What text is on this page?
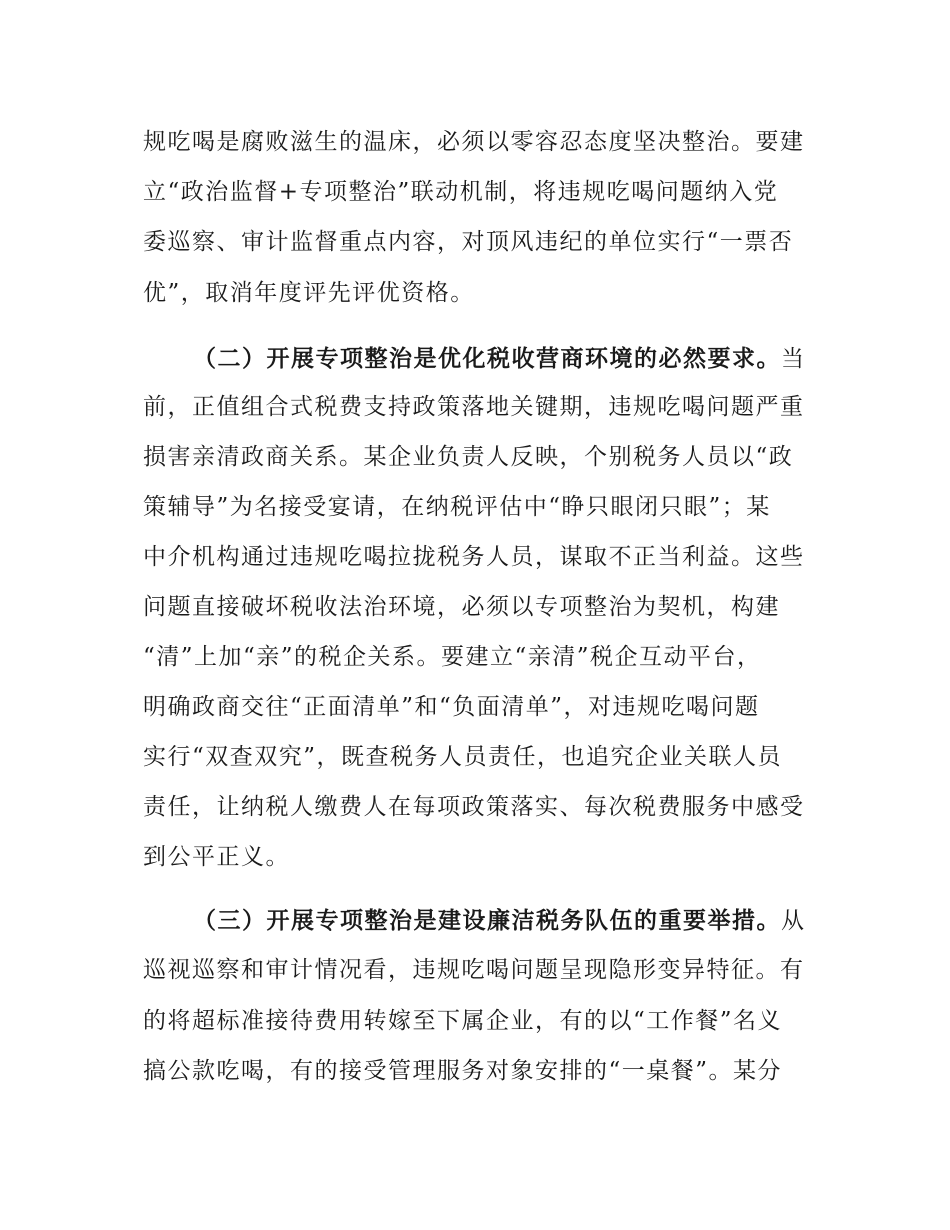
规吃喝是腐败滋生的温床，必须以零容忍态度坚决整治。要建

立“政治监督+专项整治”联动机制，将违规吃喝问题纳入党

委巡察、审计监督重点内容，对顶风违纪的单位实行“一票否

优”，取消年度评先评优资格。

（二）开展专项整治是优化税收营商环境的必然要求。当

前，正值组合式税费支持政策落地关键期，违规吃喝问题严重

损害亲清政商关系。某企业负责人反映，个别税务人员以“政

策辅导”为名接受宴请，在纳税评估中“睁只眼闭只眼”；某

中介机构通过违规吃喝拉拢税务人员，谋取不正当利益。这些

问题直接破坏税收法治环境，必须以专项整治为契机，构建

“清”上加“亲”的税企关系。要建立“亲清”税企互动平台，

明确政商交往“正面清单”和“负面清单”，对违规吃喝问题

实行“双查双究”，既查税务人员责任，也追究企业关联人员

责任，让纳税人缴费人在每项政策落实、每次税费服务中感受

到公平正义。

（三）开展专项整治是建设廉洁税务队伍的重要举措。从

巡视巡察和审计情况看，违规吃喝问题呈现隐形变异特征。有

的将超标准接待费用转嫁至下属企业，有的以“工作餐”名义

搞公款吃喝，有的接受管理服务对象安排的“一桌餐”。某分
